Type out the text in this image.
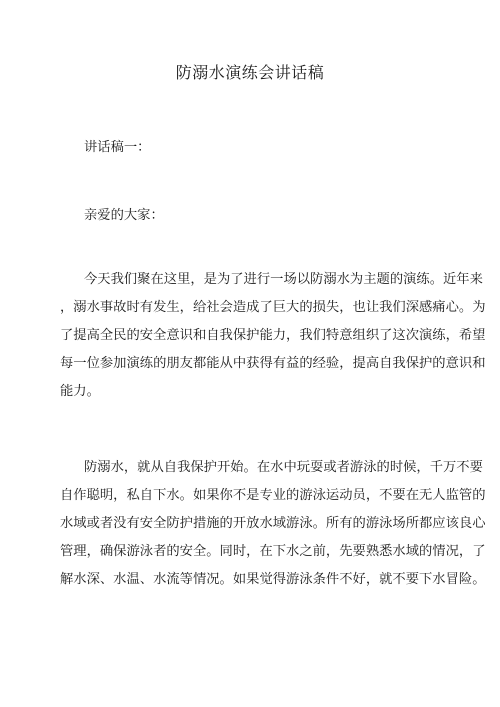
防溺水演练会讲话稿
讲话稿一：
亲爱的大家：
今天我们聚在这里，是为了进行一场以防溺水为主题的演练。近年来
，溺水事故时有发生，给社会造成了巨大的损失，也让我们深感痛心。为
了提高全民的安全意识和自我保护能力，我们特意组织了这次演练，希望
每一位参加演练的朋友都能从中获得有益的经验，提高自我保护的意识和
能力。
防溺水，就从自我保护开始。在水中玩耍或者游泳的时候，千万不要
自作聪明，私自下水。如果你不是专业的游泳运动员，不要在无人监管的
水域或者没有安全防护措施的开放水域游泳。所有的游泳场所都应该良心
管理，确保游泳者的安全。同时，在下水之前，先要熟悉水域的情况，了
解水深、水温、水流等情况。如果觉得游泳条件不好，就不要下水冒险。
